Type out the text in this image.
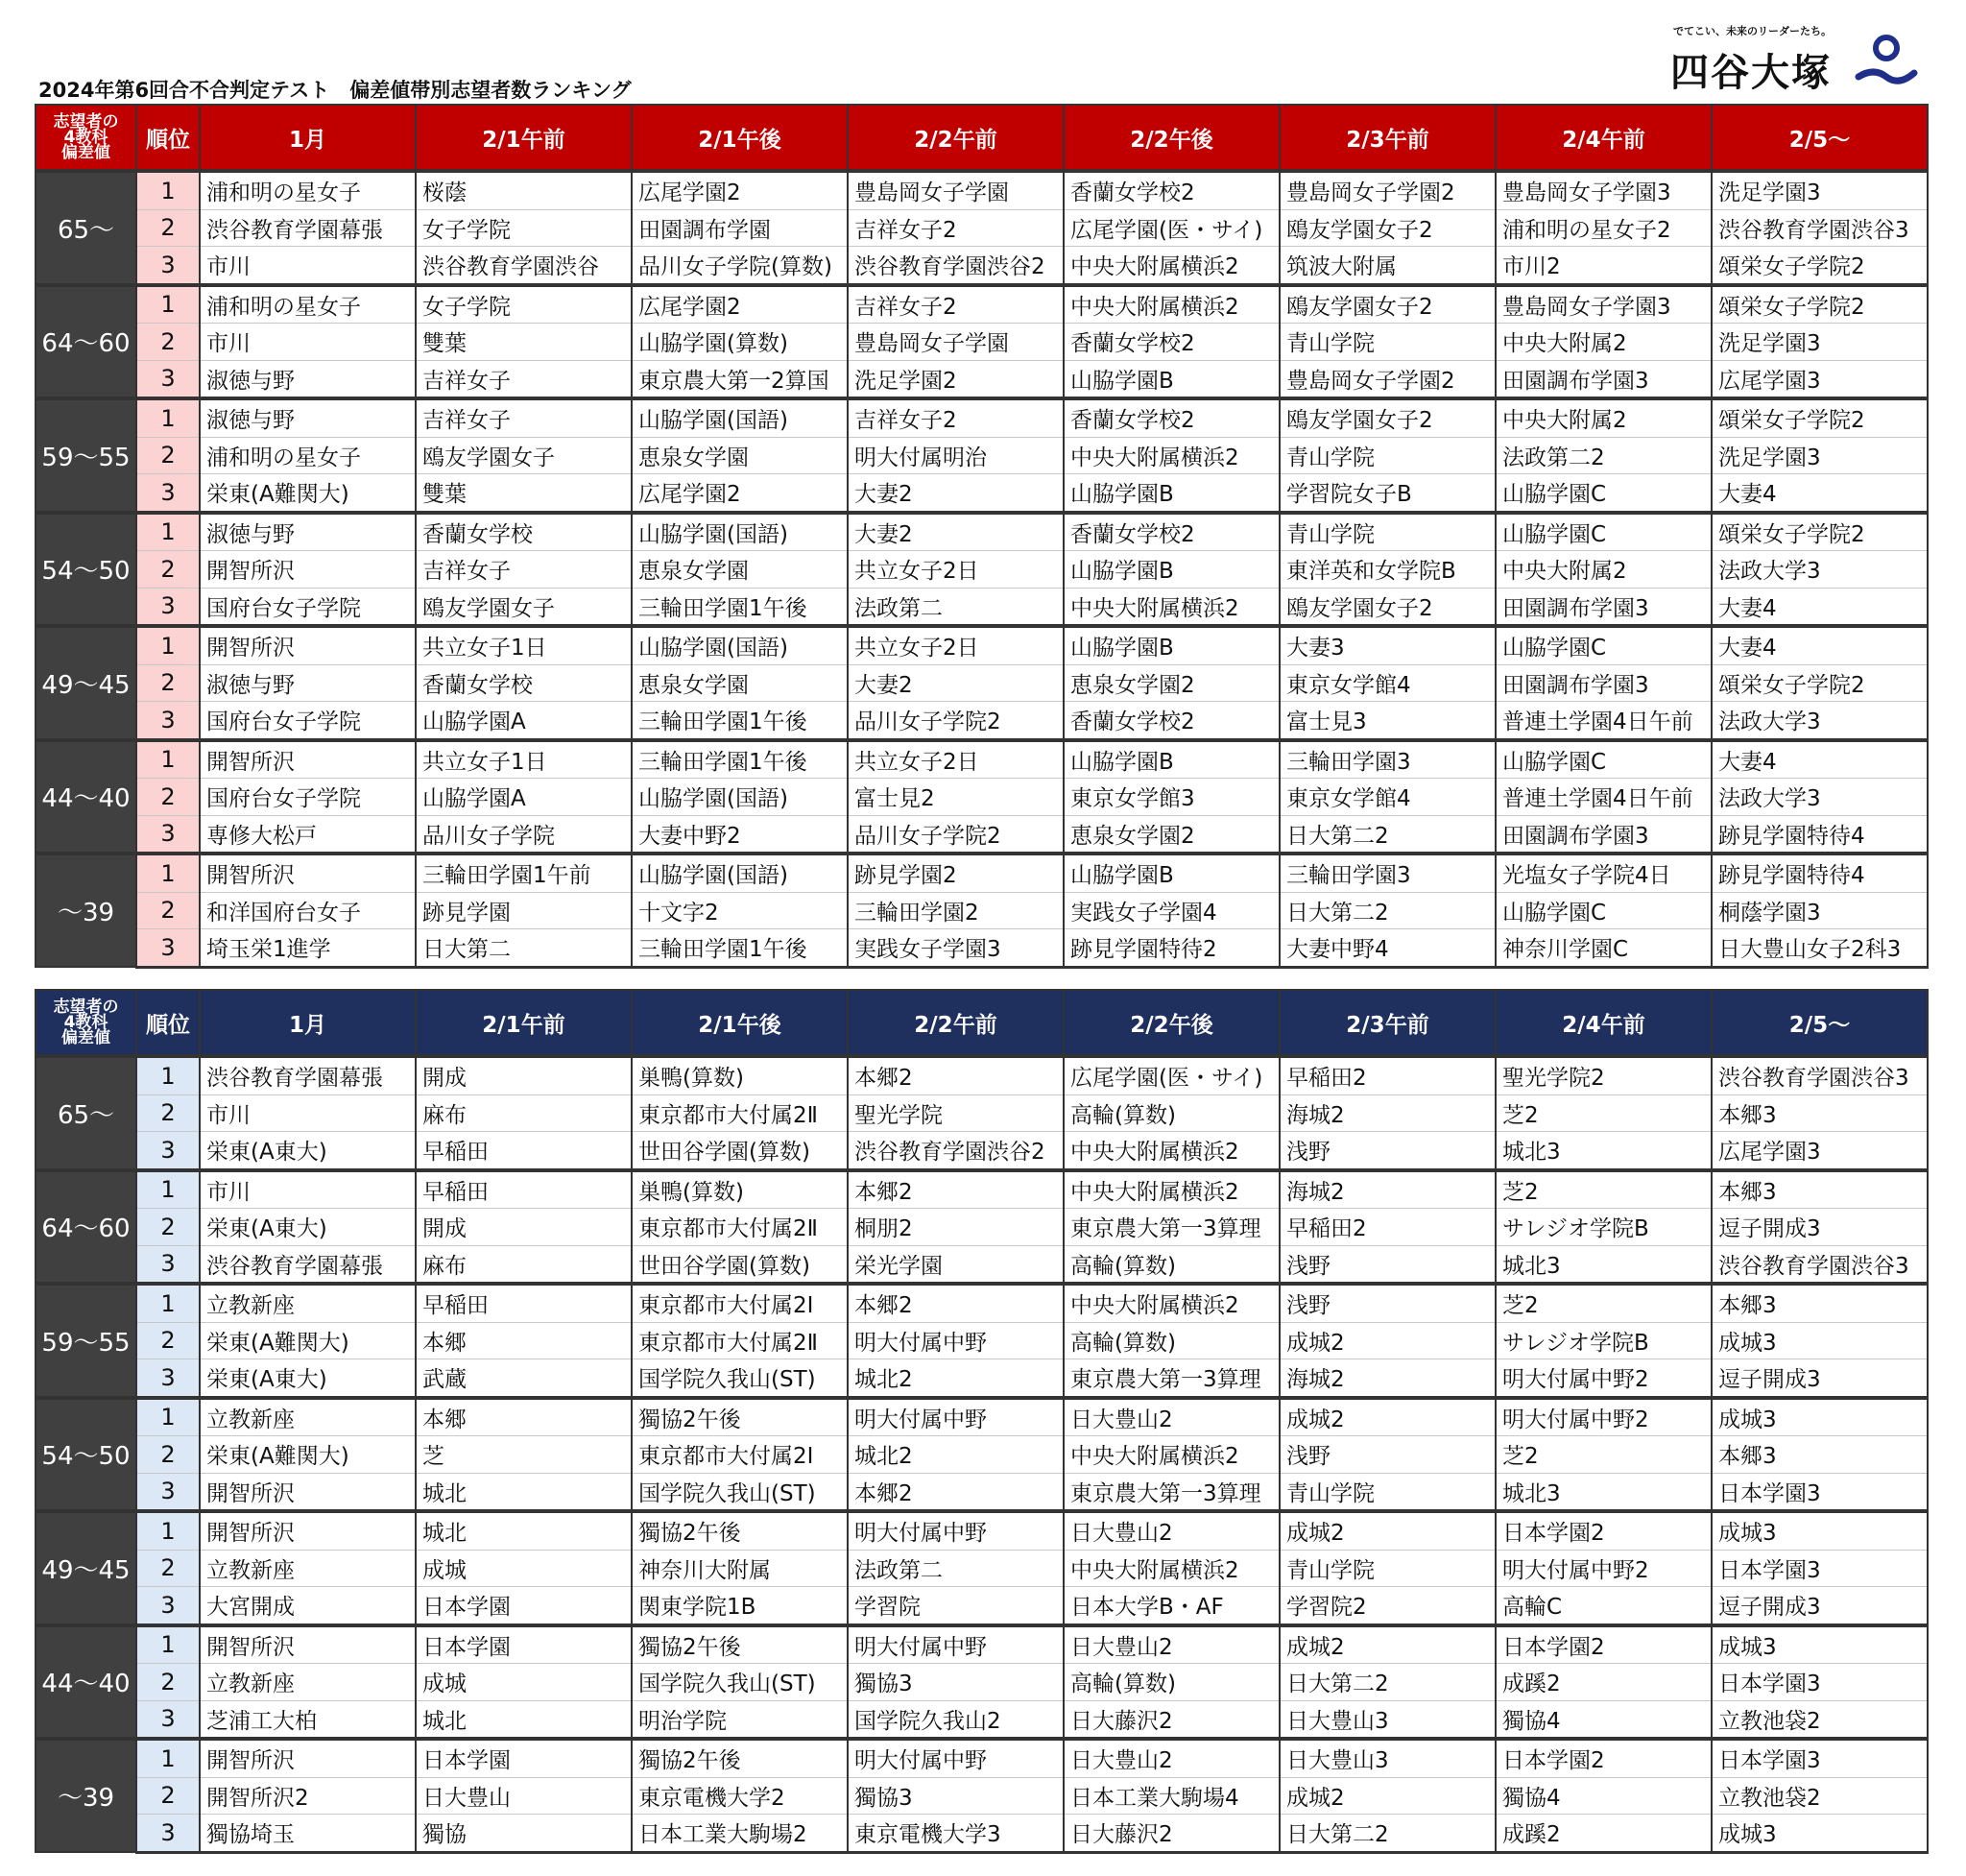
2024年第6回合不合判定テスト　偏差値帯別志望者数ランキング
でてこい、未来のリーダーたち。
四谷大塚
志望者の
4教科
偏差値	順位	1月	2/1午前	2/1午後	2/2午前	2/2午後	2/3午前	2/4午前	2/5～
65～	1	浦和明の星女子	桜蔭	広尾学園2	豊島岡女子学園	香蘭女学校2	豊島岡女子学園2	豊島岡女子学園3	洗足学園3
	2	渋谷教育学園幕張	女子学院	田園調布学園	吉祥女子2	広尾学園(医・サイ)	鴎友学園女子2	浦和明の星女子2	渋谷教育学園渋谷3
	3	市川	渋谷教育学園渋谷	品川女子学院(算数)	渋谷教育学園渋谷2	中央大附属横浜2	筑波大附属	市川2	頌栄女子学院2
64～60	1	浦和明の星女子	女子学院	広尾学園2	吉祥女子2	中央大附属横浜2	鴎友学園女子2	豊島岡女子学園3	頌栄女子学院2
	2	市川	雙葉	山脇学園(算数)	豊島岡女子学園	香蘭女学校2	青山学院	中央大附属2	洗足学園3
	3	淑徳与野	吉祥女子	東京農大第一2算国	洗足学園2	山脇学園B	豊島岡女子学園2	田園調布学園3	広尾学園3
59～55	1	淑徳与野	吉祥女子	山脇学園(国語)	吉祥女子2	香蘭女学校2	鴎友学園女子2	中央大附属2	頌栄女子学院2
	2	浦和明の星女子	鴎友学園女子	恵泉女学園	明大付属明治	中央大附属横浜2	青山学院	法政第二2	洗足学園3
	3	栄東(A難関大)	雙葉	広尾学園2	大妻2	山脇学園B	学習院女子B	山脇学園C	大妻4
54～50	1	淑徳与野	香蘭女学校	山脇学園(国語)	大妻2	香蘭女学校2	青山学院	山脇学園C	頌栄女子学院2
	2	開智所沢	吉祥女子	恵泉女学園	共立女子2日	山脇学園B	東洋英和女学院B	中央大附属2	法政大学3
	3	国府台女子学院	鴎友学園女子	三輪田学園1午後	法政第二	中央大附属横浜2	鴎友学園女子2	田園調布学園3	大妻4
49～45	1	開智所沢	共立女子1日	山脇学園(国語)	共立女子2日	山脇学園B	大妻3	山脇学園C	大妻4
	2	淑徳与野	香蘭女学校	恵泉女学園	大妻2	恵泉女学園2	東京女学館4	田園調布学園3	頌栄女子学院2
	3	国府台女子学院	山脇学園A	三輪田学園1午後	品川女子学院2	香蘭女学校2	富士見3	普連土学園4日午前	法政大学3
44～40	1	開智所沢	共立女子1日	三輪田学園1午後	共立女子2日	山脇学園B	三輪田学園3	山脇学園C	大妻4
	2	国府台女子学院	山脇学園A	山脇学園(国語)	富士見2	東京女学館3	東京女学館4	普連土学園4日午前	法政大学3
	3	専修大松戸	品川女子学院	大妻中野2	品川女子学院2	恵泉女学園2	日大第二2	田園調布学園3	跡見学園特待4
～39	1	開智所沢	三輪田学園1午前	山脇学園(国語)	跡見学園2	山脇学園B	三輪田学園3	光塩女子学院4日	跡見学園特待4
	2	和洋国府台女子	跡見学園	十文字2	三輪田学園2	実践女子学園4	日大第二2	山脇学園C	桐蔭学園3
	3	埼玉栄1進学	日大第二	三輪田学園1午後	実践女子学園3	跡見学園特待2	大妻中野4	神奈川学園C	日大豊山女子2科3
志望者の
4教科
偏差値	順位	1月	2/1午前	2/1午後	2/2午前	2/2午後	2/3午前	2/4午前	2/5～
65～	1	渋谷教育学園幕張	開成	巣鴨(算数)	本郷2	広尾学園(医・サイ)	早稲田2	聖光学院2	渋谷教育学園渋谷3
	2	市川	麻布	東京都市大付属2Ⅱ	聖光学院	高輪(算数)	海城2	芝2	本郷3
	3	栄東(A東大)	早稲田	世田谷学園(算数)	渋谷教育学園渋谷2	中央大附属横浜2	浅野	城北3	広尾学園3
64～60	1	市川	早稲田	巣鴨(算数)	本郷2	中央大附属横浜2	海城2	芝2	本郷3
	2	栄東(A東大)	開成	東京都市大付属2Ⅱ	桐朋2	東京農大第一3算理	早稲田2	サレジオ学院B	逗子開成3
	3	渋谷教育学園幕張	麻布	世田谷学園(算数)	栄光学園	高輪(算数)	浅野	城北3	渋谷教育学園渋谷3
59～55	1	立教新座	早稲田	東京都市大付属2Ⅰ	本郷2	中央大附属横浜2	浅野	芝2	本郷3
	2	栄東(A難関大)	本郷	東京都市大付属2Ⅱ	明大付属中野	高輪(算数)	成城2	サレジオ学院B	成城3
	3	栄東(A東大)	武蔵	国学院久我山(ST)	城北2	東京農大第一3算理	海城2	明大付属中野2	逗子開成3
54～50	1	立教新座	本郷	獨協2午後	明大付属中野	日大豊山2	成城2	明大付属中野2	成城3
	2	栄東(A難関大)	芝	東京都市大付属2Ⅰ	城北2	中央大附属横浜2	浅野	芝2	本郷3
	3	開智所沢	城北	国学院久我山(ST)	本郷2	東京農大第一3算理	青山学院	城北3	日本学園3
49～45	1	開智所沢	城北	獨協2午後	明大付属中野	日大豊山2	成城2	日本学園2	成城3
	2	立教新座	成城	神奈川大附属	法政第二	中央大附属横浜2	青山学院	明大付属中野2	日本学園3
	3	大宮開成	日本学園	関東学院1B	学習院	日本大学B・AF	学習院2	高輪C	逗子開成3
44～40	1	開智所沢	日本学園	獨協2午後	明大付属中野	日大豊山2	成城2	日本学園2	成城3
	2	立教新座	成城	国学院久我山(ST)	獨協3	高輪(算数)	日大第二2	成蹊2	日本学園3
	3	芝浦工大柏	城北	明治学院	国学院久我山2	日大藤沢2	日大豊山3	獨協4	立教池袋2
～39	1	開智所沢	日本学園	獨協2午後	明大付属中野	日大豊山2	日大豊山3	日本学園2	日本学園3
	2	開智所沢2	日大豊山	東京電機大学2	獨協3	日本工業大駒場4	成城2	獨協4	立教池袋2
	3	獨協埼玉	獨協	日本工業大駒場2	東京電機大学3	日大藤沢2	日大第二2	成蹊2	成城3
